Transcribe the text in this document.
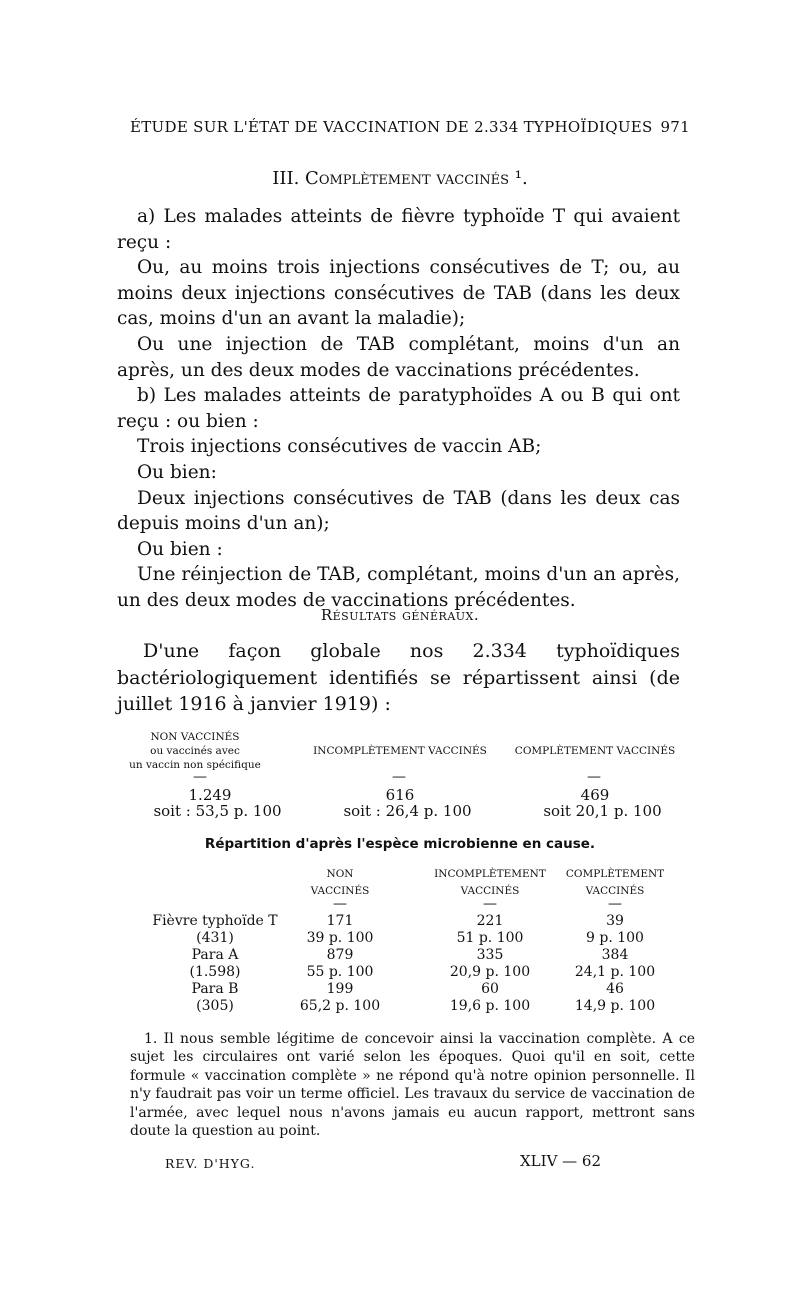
ÉTUDE SUR L'ÉTAT DE VACCINATION DE 2.334 TYPHOÏDIQUES 971
III. Complètement vaccinés ¹.

a) Les malades atteints de fièvre typhoïde T qui avaient reçu :

Ou, au moins trois injections consécutives de T; ou, au moins deux injections consécutives de TAB (dans les deux cas, moins d'un an avant la maladie);

Ou une injection de TAB complétant, moins d'un an après, un des deux modes de vaccinations précédentes.

b) Les malades atteints de paratyphoïdes A ou B qui ont reçu : ou bien :

Trois injections consécutives de vaccin AB;

Ou bien:

Deux injections consécutives de TAB (dans les deux cas depuis moins d'un an);

Ou bien :

Une réinjection de TAB, complétant, moins d'un an après, un des deux modes de vaccinations précédentes.

Résultats généraux.
D'une façon globale nos 2.334 typhoïdiques bactériologiquement identifiés se répartissent ainsi (de juillet 1916 à janvier 1919) :
NON VACCINÉS
ou vaccinés avec
un vaccin non spécifique
INCOMPLÈTEMENT VACCINÉS	COMPLÈTEMENT VACCINÉS
—	—	—
1.249	616	469
soit : 53,5 p. 100	soit : 26,4 p. 100	soit 20,1 p. 100
Répartition d'après l'espèce microbienne en cause.
NON
VACCINÉS
INCOMPLÈTEMENT
VACCINÉS
COMPLÈTEMENT
VACCINÉS
—	—	—
Fièvre typhoïde T	171	221	39
(431)	39 p. 100	51 p. 100	9 p. 100
Para A	879	335	384
(1.598)	55 p. 100	20,9 p. 100	24,1 p. 100
Para B	199	60	46
(305)	65,2 p. 100	19,6 p. 100	14,9 p. 100

1. Il nous semble légitime de concevoir ainsi la vaccination complète. A ce sujet les circulaires ont varié selon les époques. Quoi qu'il en soit, cette formule « vaccination complète » ne répond qu'à notre opinion personnelle. Il n'y faudrait pas voir un terme officiel. Les travaux du service de vaccination de l'armée, avec lequel nous n'avons jamais eu aucun rapport, mettront sans doute la question au point.

REV. D'HYG.	XLIV — 62
